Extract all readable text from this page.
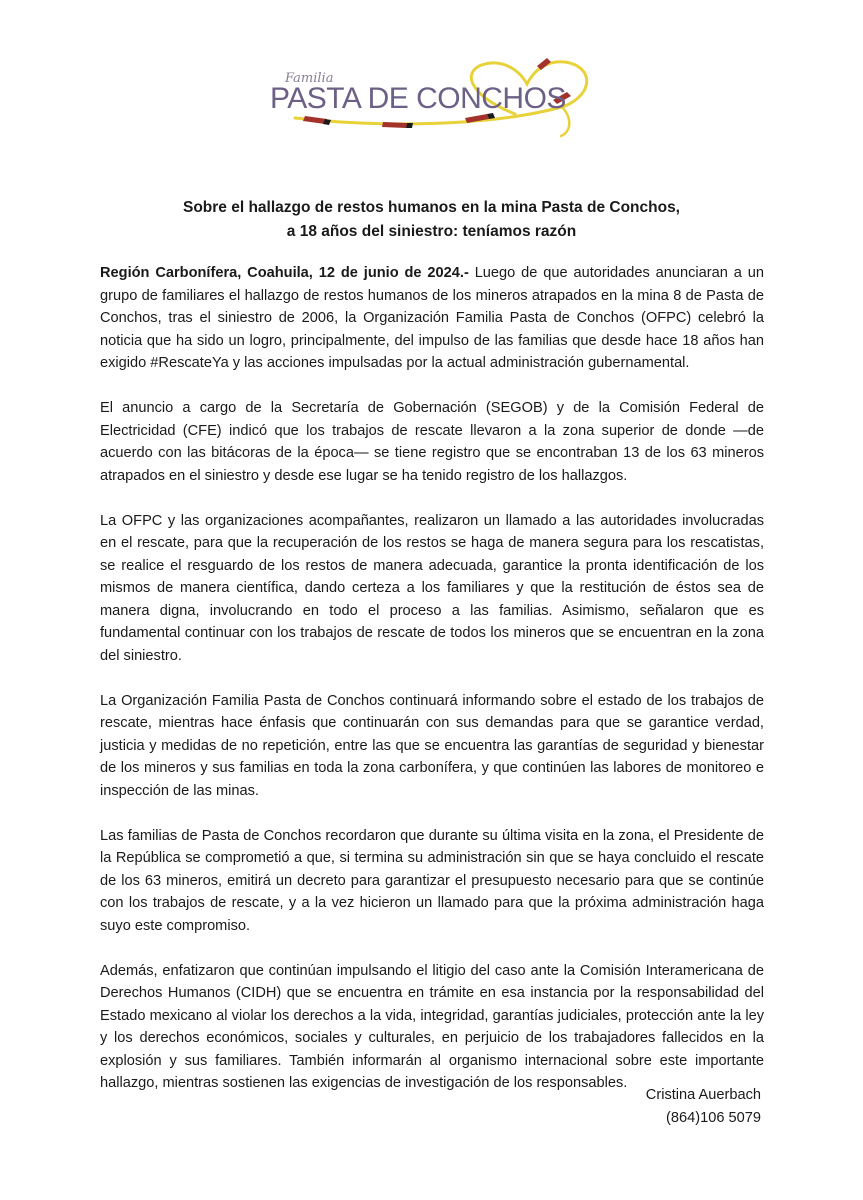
Familia
PASTA DE CONCHOS
Sobre el hallazgo de restos humanos en la mina Pasta de Conchos,
a 18 años del siniestro: teníamos razón

Región Carbonífera, Coahuila, 12 de junio de 2024.- Luego de que autoridades anunciaran a un grupo de familiares el hallazgo de restos humanos de los mineros atrapados en la mina 8 de Pasta de Conchos, tras el siniestro de 2006, la Organización Familia Pasta de Conchos (OFPC) celebró la noticia que ha sido un logro, principalmente, del impulso de las familias que desde hace 18 años han exigido #RescateYa y las acciones impulsadas por la actual administración gubernamental.

El anuncio a cargo de la Secretaría de Gobernación (SEGOB) y de la Comisión Federal de Electricidad (CFE) indicó que los trabajos de rescate llevaron a la zona superior de donde —de acuerdo con las bitácoras de la época— se tiene registro que se encontraban 13 de los 63 mineros atrapados en el siniestro y desde ese lugar se ha tenido registro de los hallazgos.

La OFPC y las organizaciones acompañantes, realizaron un llamado a las autoridades involucradas en el rescate, para que la recuperación de los restos se haga de manera segura para los rescatistas, se realice el resguardo de los restos de manera adecuada, garantice la pronta identificación de los mismos de manera científica, dando certeza a los familiares y que la restitución de éstos sea de manera digna, involucrando en todo el proceso a las familias. Asimismo, señalaron que es fundamental continuar con los trabajos de rescate de todos los mineros que se encuentran en la zona del siniestro.

La Organización Familia Pasta de Conchos continuará informando sobre el estado de los trabajos de rescate, mientras hace énfasis que continuarán con sus demandas para que se garantice verdad, justicia y medidas de no repetición, entre las que se encuentra las garantías de seguridad y bienestar de los mineros y sus familias en toda la zona carbonífera, y que continúen las labores de monitoreo e inspección de las minas.

Las familias de Pasta de Conchos recordaron que durante su última visita en la zona, el Presidente de la República se comprometió a que, si termina su administración sin que se haya concluido el rescate de los 63 mineros, emitirá un decreto para garantizar el presupuesto necesario para que se continúe con los trabajos de rescate, y a la vez hicieron un llamado para que la próxima administración haga suyo este compromiso.

Además, enfatizaron que continúan impulsando el litigio del caso ante la Comisión Interamericana de Derechos Humanos (CIDH) que se encuentra en trámite en esa instancia por la responsabilidad del Estado mexicano al violar los derechos a la vida, integridad, garantías judiciales, protección ante la ley y los derechos económicos, sociales y culturales, en perjuicio de los trabajadores fallecidos en la explosión y sus familiares. También informarán al organismo internacional sobre este importante hallazgo, mientras sostienen las exigencias de investigación de los responsables.

Cristina Auerbach
(864)106 5079
